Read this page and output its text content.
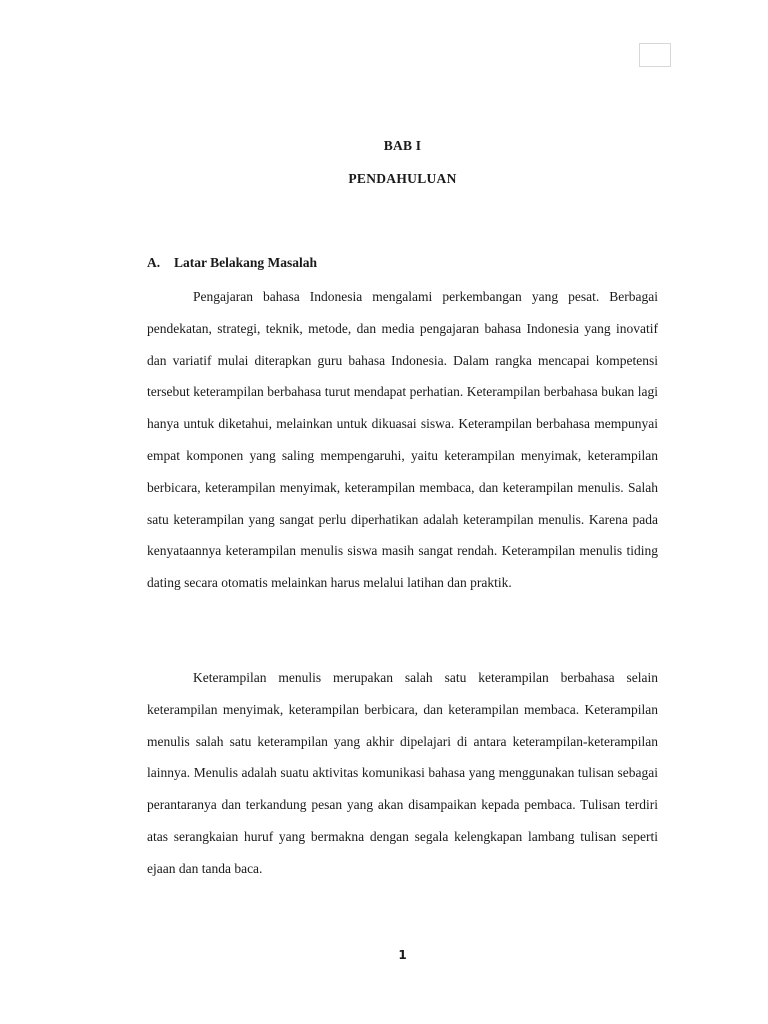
BAB I
PENDAHULUAN
A. Latar Belakang Masalah

Pengajaran bahasa Indonesia mengalami perkembangan yang pesat. Berbagai pendekatan, strategi, teknik, metode, dan media pengajaran bahasa Indonesia yang inovatif dan variatif mulai diterapkan guru bahasa Indonesia. Dalam rangka mencapai kompetensi tersebut keterampilan berbahasa turut mendapat perhatian. Keterampilan berbahasa bukan lagi hanya untuk diketahui, melainkan untuk dikuasai siswa. Keterampilan berbahasa mempunyai empat komponen yang saling mempengaruhi, yaitu keterampilan menyimak, keterampilan berbicara, keterampilan menyimak, keterampilan membaca, dan keterampilan menulis. Salah satu keterampilan yang sangat perlu diperhatikan adalah keterampilan menulis. Karena pada kenyataannya keterampilan menulis siswa masih sangat rendah. Keterampilan menulis tiding dating secara otomatis melainkan harus melalui latihan dan praktik.

Keterampilan menulis merupakan salah satu keterampilan berbahasa selain keterampilan menyimak, keterampilan berbicara, dan keterampilan membaca. Keterampilan menulis salah satu keterampilan yang akhir dipelajari di antara keterampilan-keterampilan lainnya. Menulis adalah suatu aktivitas komunikasi bahasa yang menggunakan tulisan sebagai perantaranya dan terkandung pesan yang akan disampaikan kepada pembaca. Tulisan terdiri atas serangkaian huruf yang bermakna dengan segala kelengkapan lambang tulisan seperti ejaan dan tanda baca.

1
